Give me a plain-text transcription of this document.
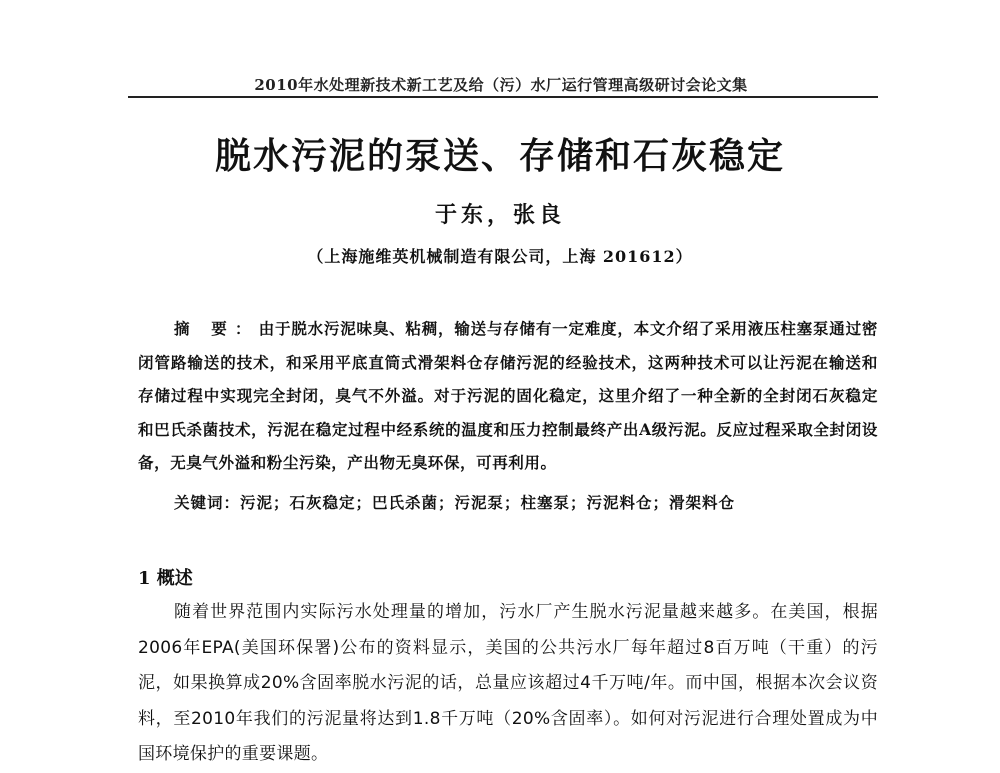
2010年水处理新技术新工艺及给（污）水厂运行管理高级研讨会论文集
脱水污泥的泵送、存储和石灰稳定
于东，张良
（上海施维英机械制造有限公司，上海 201612）
摘 要：由于脱水污泥味臭、粘稠，输送与存储有一定难度，本文介绍了采用液压柱塞泵通过密闭管路输送的技术，和采用平底直筒式滑架料仓存储污泥的经验技术，这两种技术可以让污泥在输送和存储过程中实现完全封闭，臭气不外溢。对于污泥的固化稳定，这里介绍了一种全新的全封闭石灰稳定和巴氏杀菌技术，污泥在稳定过程中经系统的温度和压力控制最终产出A级污泥。反应过程采取全封闭设备，无臭气外溢和粉尘污染，产出物无臭环保，可再利用。
关键词：污泥；石灰稳定；巴氏杀菌；污泥泵；柱塞泵；污泥料仓；滑架料仓
1 概述
随着世界范围内实际污水处理量的增加，污水厂产生脱水污泥量越来越多。在美国，根据2006年EPA(美国环保署)公布的资料显示，美国的公共污水厂每年超过8百万吨（干重）的污泥，如果换算成20%含固率脱水污泥的话，总量应该超过4千万吨/年。而中国，根据本次会议资料，至2010年我们的污泥量将达到1.8千万吨（20%含固率）。如何对污泥进行合理处置成为中国环境保护的重要课题。
